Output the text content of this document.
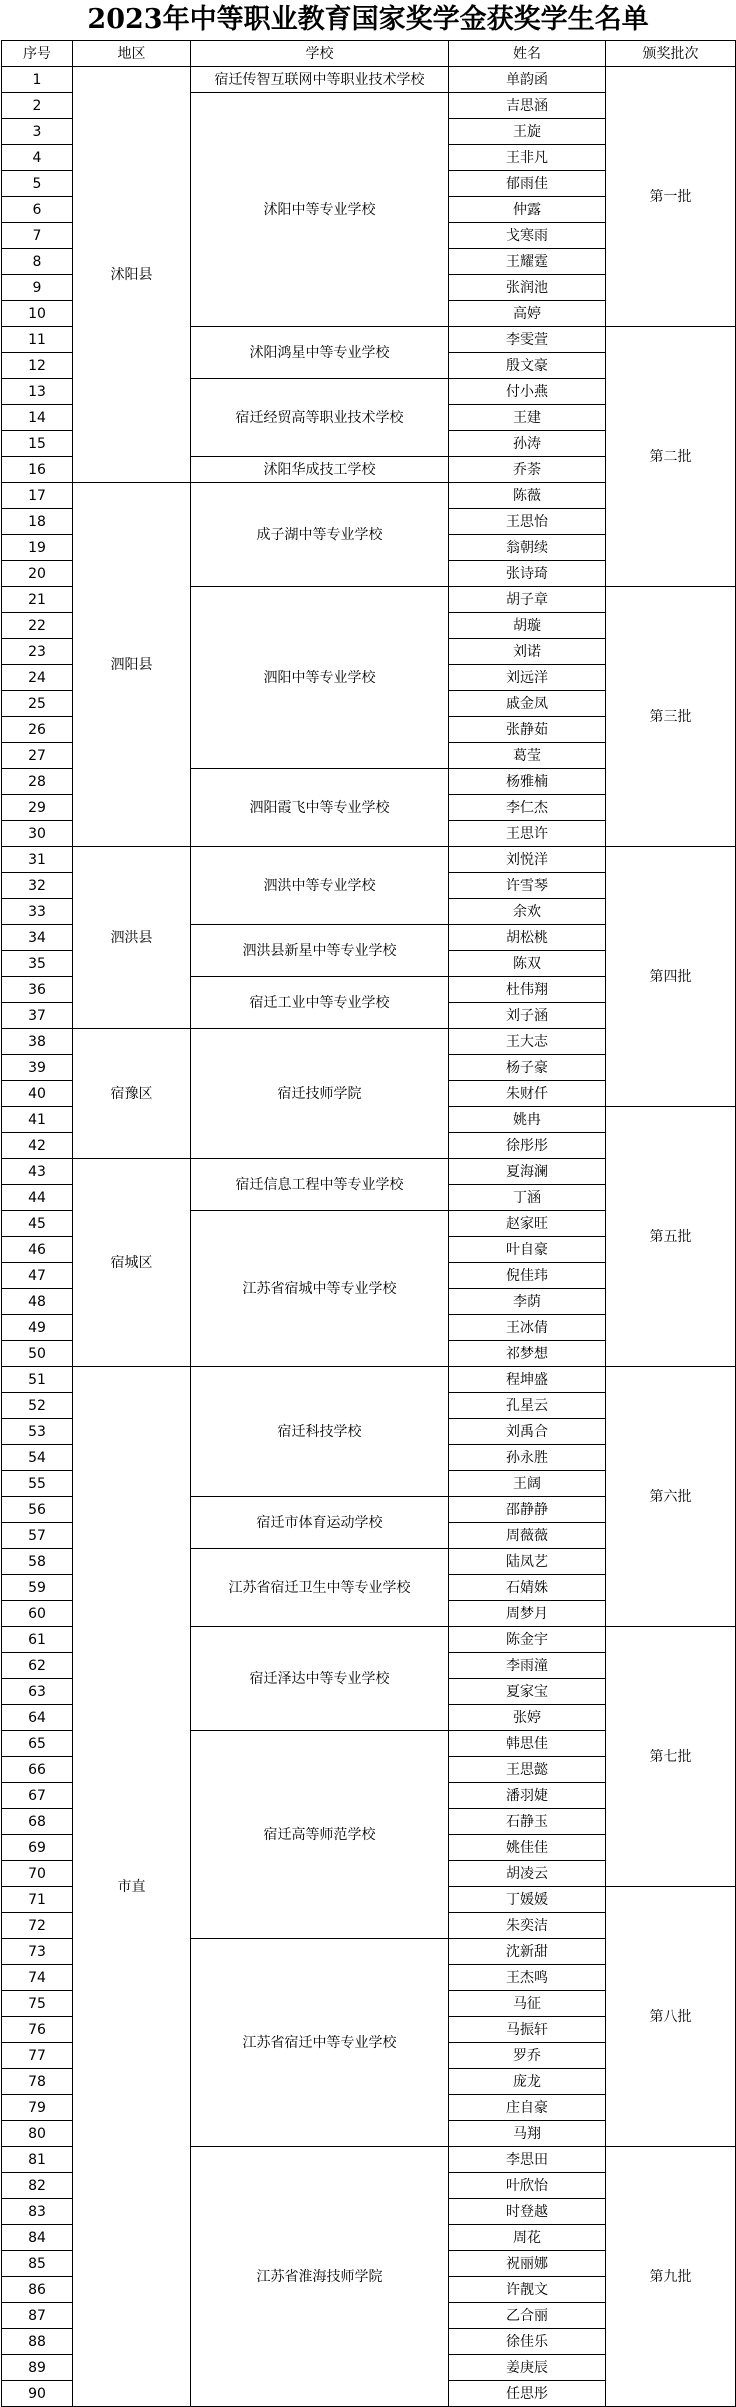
2023年中等职业教育国家奖学金获奖学生名单
序号	地区	学校	姓名	颁奖批次
1	沭阳县	宿迁传智互联网中等职业技术学校	单韵函	第一批
2		沭阳中等专业学校	吉思涵	
3			王旋	
4			王非凡	
5			郁雨佳	
6			仲露	
7			戈寒雨	
8			王耀霆	
9			张润池	
10			高婷	
11		沭阳鸿星中等专业学校	李雯萱	第二批
12			殷文豪	
13		宿迁经贸高等职业技术学校	付小燕	
14			王建	
15			孙涛	
16		沭阳华成技工学校	乔荼	
17	泗阳县	成子湖中等专业学校	陈薇	
18			王思怡	
19			翁朝续	
20			张诗琦	
21		泗阳中等专业学校	胡子章	第三批
22			胡璇	
23			刘诺	
24			刘远洋	
25			戚金凤	
26			张静茹	
27			葛莹	
28		泗阳霞飞中等专业学校	杨雅楠	
29			李仁杰	
30			王思许	
31	泗洪县	泗洪中等专业学校	刘悦洋	第四批
32			许雪琴	
33			余欢	
34		泗洪县新星中等专业学校	胡松桃	
35			陈双	
36		宿迁工业中等专业学校	杜伟翔	
37			刘子涵	
38	宿豫区	宿迁技师学院	王大志	
39			杨子豪	
40			朱财仟	
41			姚冉	第五批
42			徐彤彤	
43	宿城区	宿迁信息工程中等专业学校	夏海澜	
44			丁涵	
45		江苏省宿城中等专业学校	赵家旺	
46			叶自豪	
47			倪佳玮	
48			李荫	
49			王冰倩	
50			祁梦想	
51	市直	宿迁科技学校	程坤盛	第六批
52			孔星云	
53			刘禹合	
54			孙永胜	
55			王阔	
56		宿迁市体育运动学校	邵静静	
57			周薇薇	
58		江苏省宿迁卫生中等专业学校	陆凤艺	
59			石婧姝	
60			周梦月	
61		宿迁泽达中等专业学校	陈金宇	第七批
62			李雨潼	
63			夏家宝	
64			张婷	
65		宿迁高等师范学校	韩思佳	
66			王思懿	
67			潘羽婕	
68			石静玉	
69			姚佳佳	
70			胡凌云	
71			丁媛媛	第八批
72			朱奕洁	
73		江苏省宿迁中等专业学校	沈新甜	
74			王杰鸣	
75			马征	
76			马振轩	
77			罗乔	
78			庞龙	
79			庄自豪	
80			马翔	
81		江苏省淮海技师学院	李思田	第九批
82			叶欣怡	
83			时登越	
84			周花	
85			祝丽娜	
86			许靓文	
87			乙合丽	
88			徐佳乐	
89			姜庚辰	
90			任思彤	
